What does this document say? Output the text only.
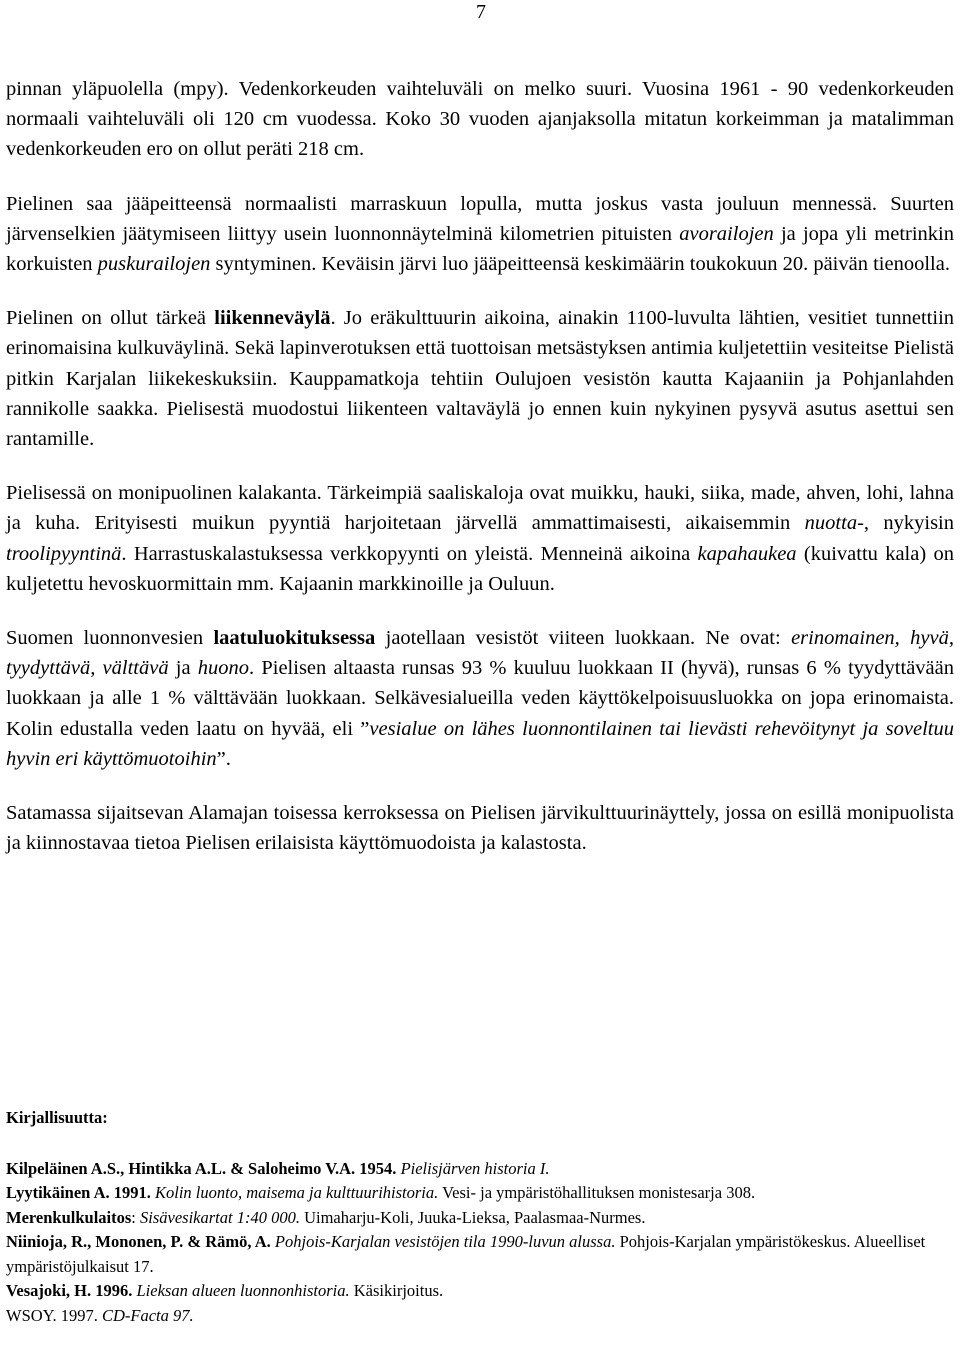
7

pinnan yläpuolella (mpy). Vedenkorkeuden vaihteluväli on melko suuri. Vuosina 1961 - 90 vedenkorkeuden normaali vaihteluväli oli 120 cm vuodessa. Koko 30 vuoden ajanjaksolla mitatun korkeimman ja matalimman vedenkorkeuden ero on ollut peräti 218 cm.

Pielinen saa jääpeitteensä normaalisti marraskuun lopulla, mutta joskus vasta jouluun mennessä. Suurten järvenselkien jäätymiseen liittyy usein luonnonnäytelminä kilometrien pituisten avorailojen ja jopa yli metrinkin korkuisten puskurailojen syntyminen. Keväisin järvi luo jääpeitteensä keskimäärin toukokuun 20. päivän tienoolla.

Pielinen on ollut tärkeä liikenneväylä. Jo eräkulttuurin aikoina, ainakin 1100-luvulta lähtien, vesitiet tunnettiin erinomaisina kulkuväylinä. Sekä lapinverotuksen että tuottoisan metsästyksen antimia kuljetettiin vesiteitse Pielistä pitkin Karjalan liikekeskuksiin. Kauppamatkoja tehtiin Oulujoen vesistön kautta Kajaaniin ja Pohjanlahden rannikolle saakka. Pielisestä muodostui liikenteen valtaväylä jo ennen kuin nykyinen pysyvä asutus asettui sen rantamille.

Pielisessä on monipuolinen kalakanta. Tärkeimpiä saaliskaloja ovat muikku, hauki, siika, made, ahven, lohi, lahna ja kuha. Erityisesti muikun pyyntiä harjoitetaan järvellä ammattimaisesti, aikaisemmin nuotta-, nykyisin troolipyyntinä. Harrastuskalastuksessa verkkopyynti on yleistä. Menneinä aikoina kapahaukea (kuivattu kala) on kuljetettu hevoskuormittain mm. Kajaanin markkinoille ja Ouluun.

Suomen luonnonvesien laatuluokituksessa jaotellaan vesistöt viiteen luokkaan. Ne ovat: erinomainen, hyvä, tyydyttävä, välttävä ja huono. Pielisen altaasta runsas 93 % kuuluu luokkaan II (hyvä), runsas 6 % tyydyttävään luokkaan ja alle 1 % välttävään luokkaan. Selkävesialueilla veden käyttökelpoisuusluokka on jopa erinomaista. Kolin edustalla veden laatu on hyvää, eli ”vesialue on lähes luonnontilainen tai lievästi rehevöitynyt ja soveltuu hyvin eri käyttömuotoihin”.

Satamassa sijaitsevan Alamajan toisessa kerroksessa on Pielisen järvikulttuurinäyttely, jossa on esillä monipuolista ja kiinnostavaa tietoa Pielisen erilaisista käyttömuodoista ja kalastosta.

Kirjallisuutta:

Kilpeläinen A.S., Hintikka A.L. & Saloheimo V.A. 1954. Pielisjärven historia I.

Lyytikäinen A. 1991. Kolin luonto, maisema ja kulttuurihistoria. Vesi- ja ympäristöhallituksen monistesarja 308.

Merenkulkulaitos: Sisävesikartat 1:40 000. Uimaharju-Koli, Juuka-Lieksa, Paalasmaa-Nurmes.

Niinioja, R., Mononen, P. & Rämö, A. Pohjois-Karjalan vesistöjen tila 1990-luvun alussa. Pohjois-Karjalan ympäristökeskus. Alueelliset ympäristöjulkaisut 17.

Vesajoki, H. 1996. Lieksan alueen luonnonhistoria. Käsikirjoitus.

WSOY. 1997. CD-Facta 97.
